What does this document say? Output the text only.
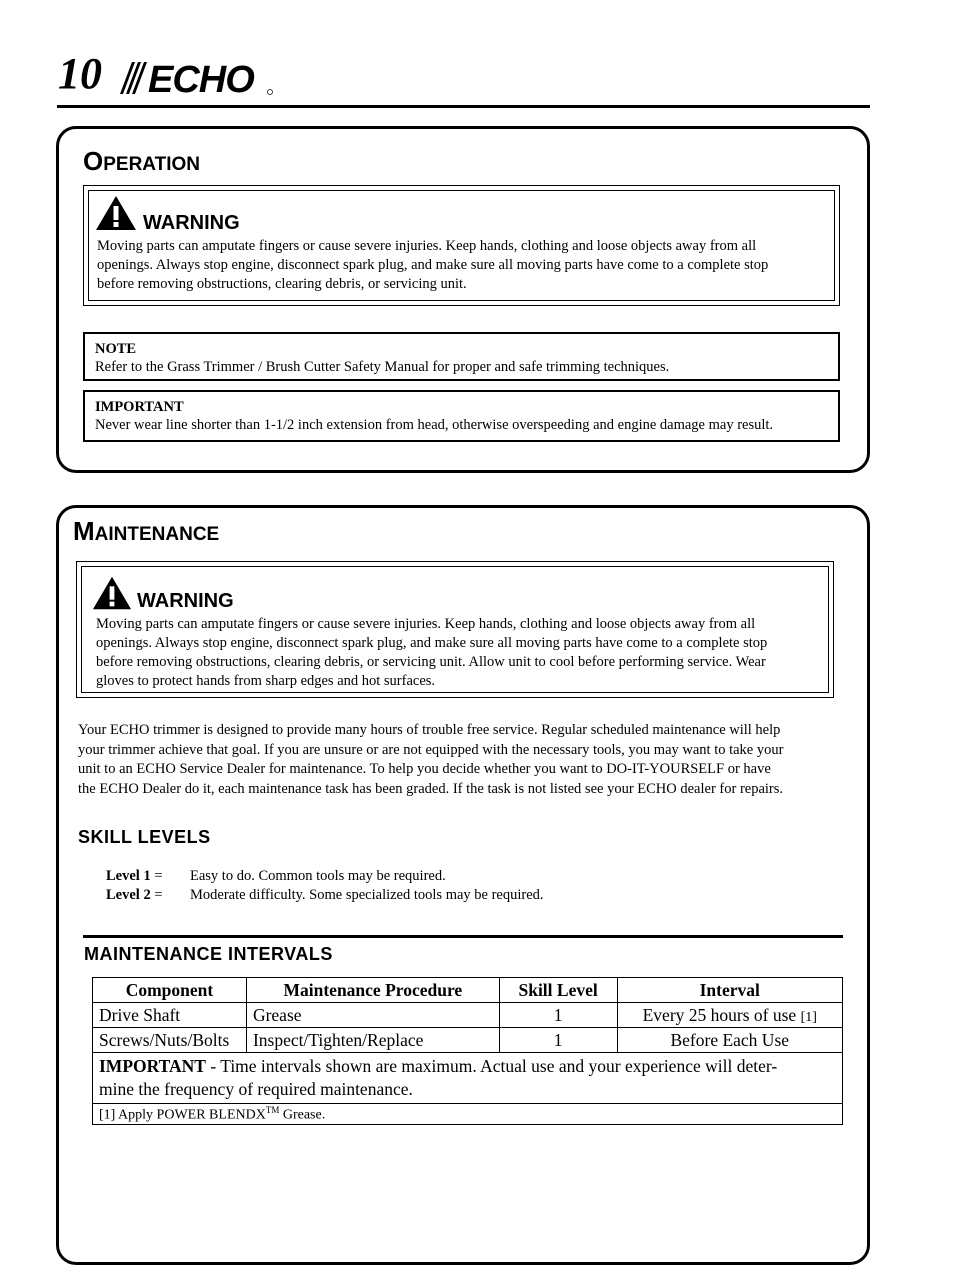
10 ECHO
OPERATION
WARNING
Moving parts can amputate fingers or cause severe injuries. Keep hands, clothing and loose objects away from all
openings. Always stop engine, disconnect spark plug, and make sure all moving parts have come to a complete stop
before removing obstructions, clearing debris, or servicing unit.
NOTE
Refer to the Grass Trimmer / Brush Cutter Safety Manual for proper and safe trimming techniques.
IMPORTANT
Never wear line shorter than 1-1/2 inch extension from head, otherwise overspeeding and engine damage may result.
MAINTENANCE
WARNING
Moving parts can amputate fingers or cause severe injuries. Keep hands, clothing and loose objects away from all
openings. Always stop engine, disconnect spark plug, and make sure all moving parts have come to a complete stop
before removing obstructions, clearing debris, or servicing unit. Allow unit to cool before performing service. Wear
gloves to protect hands from sharp edges and hot surfaces.
Your ECHO trimmer is designed to provide many hours of trouble free service. Regular scheduled maintenance will help
your trimmer achieve that goal. If you are unsure or are not equipped with the necessary tools, you may want to take your
unit to an ECHO Service Dealer for maintenance. To help you decide whether you want to DO-IT-YOURSELF or have
the ECHO Dealer do it, each maintenance task has been graded. If the task is not listed see your ECHO dealer for repairs.
SKILL LEVELS
Level 1 = Easy to do. Common tools may be required.
Level 2 = Moderate difficulty. Some specialized tools may be required.
MAINTENANCE INTERVALS
Component	Maintenance Procedure	Skill Level	Interval
Drive Shaft	Grease	1	Every 25 hours of use [1]
Screws/Nuts/Bolts	Inspect/Tighten/Replace	1	Before Each Use
IMPORTANT - Time intervals shown are maximum. Actual use and your experience will deter-
mine the frequency of required maintenance.			
[1] Apply POWER BLENDX™ Grease.			
